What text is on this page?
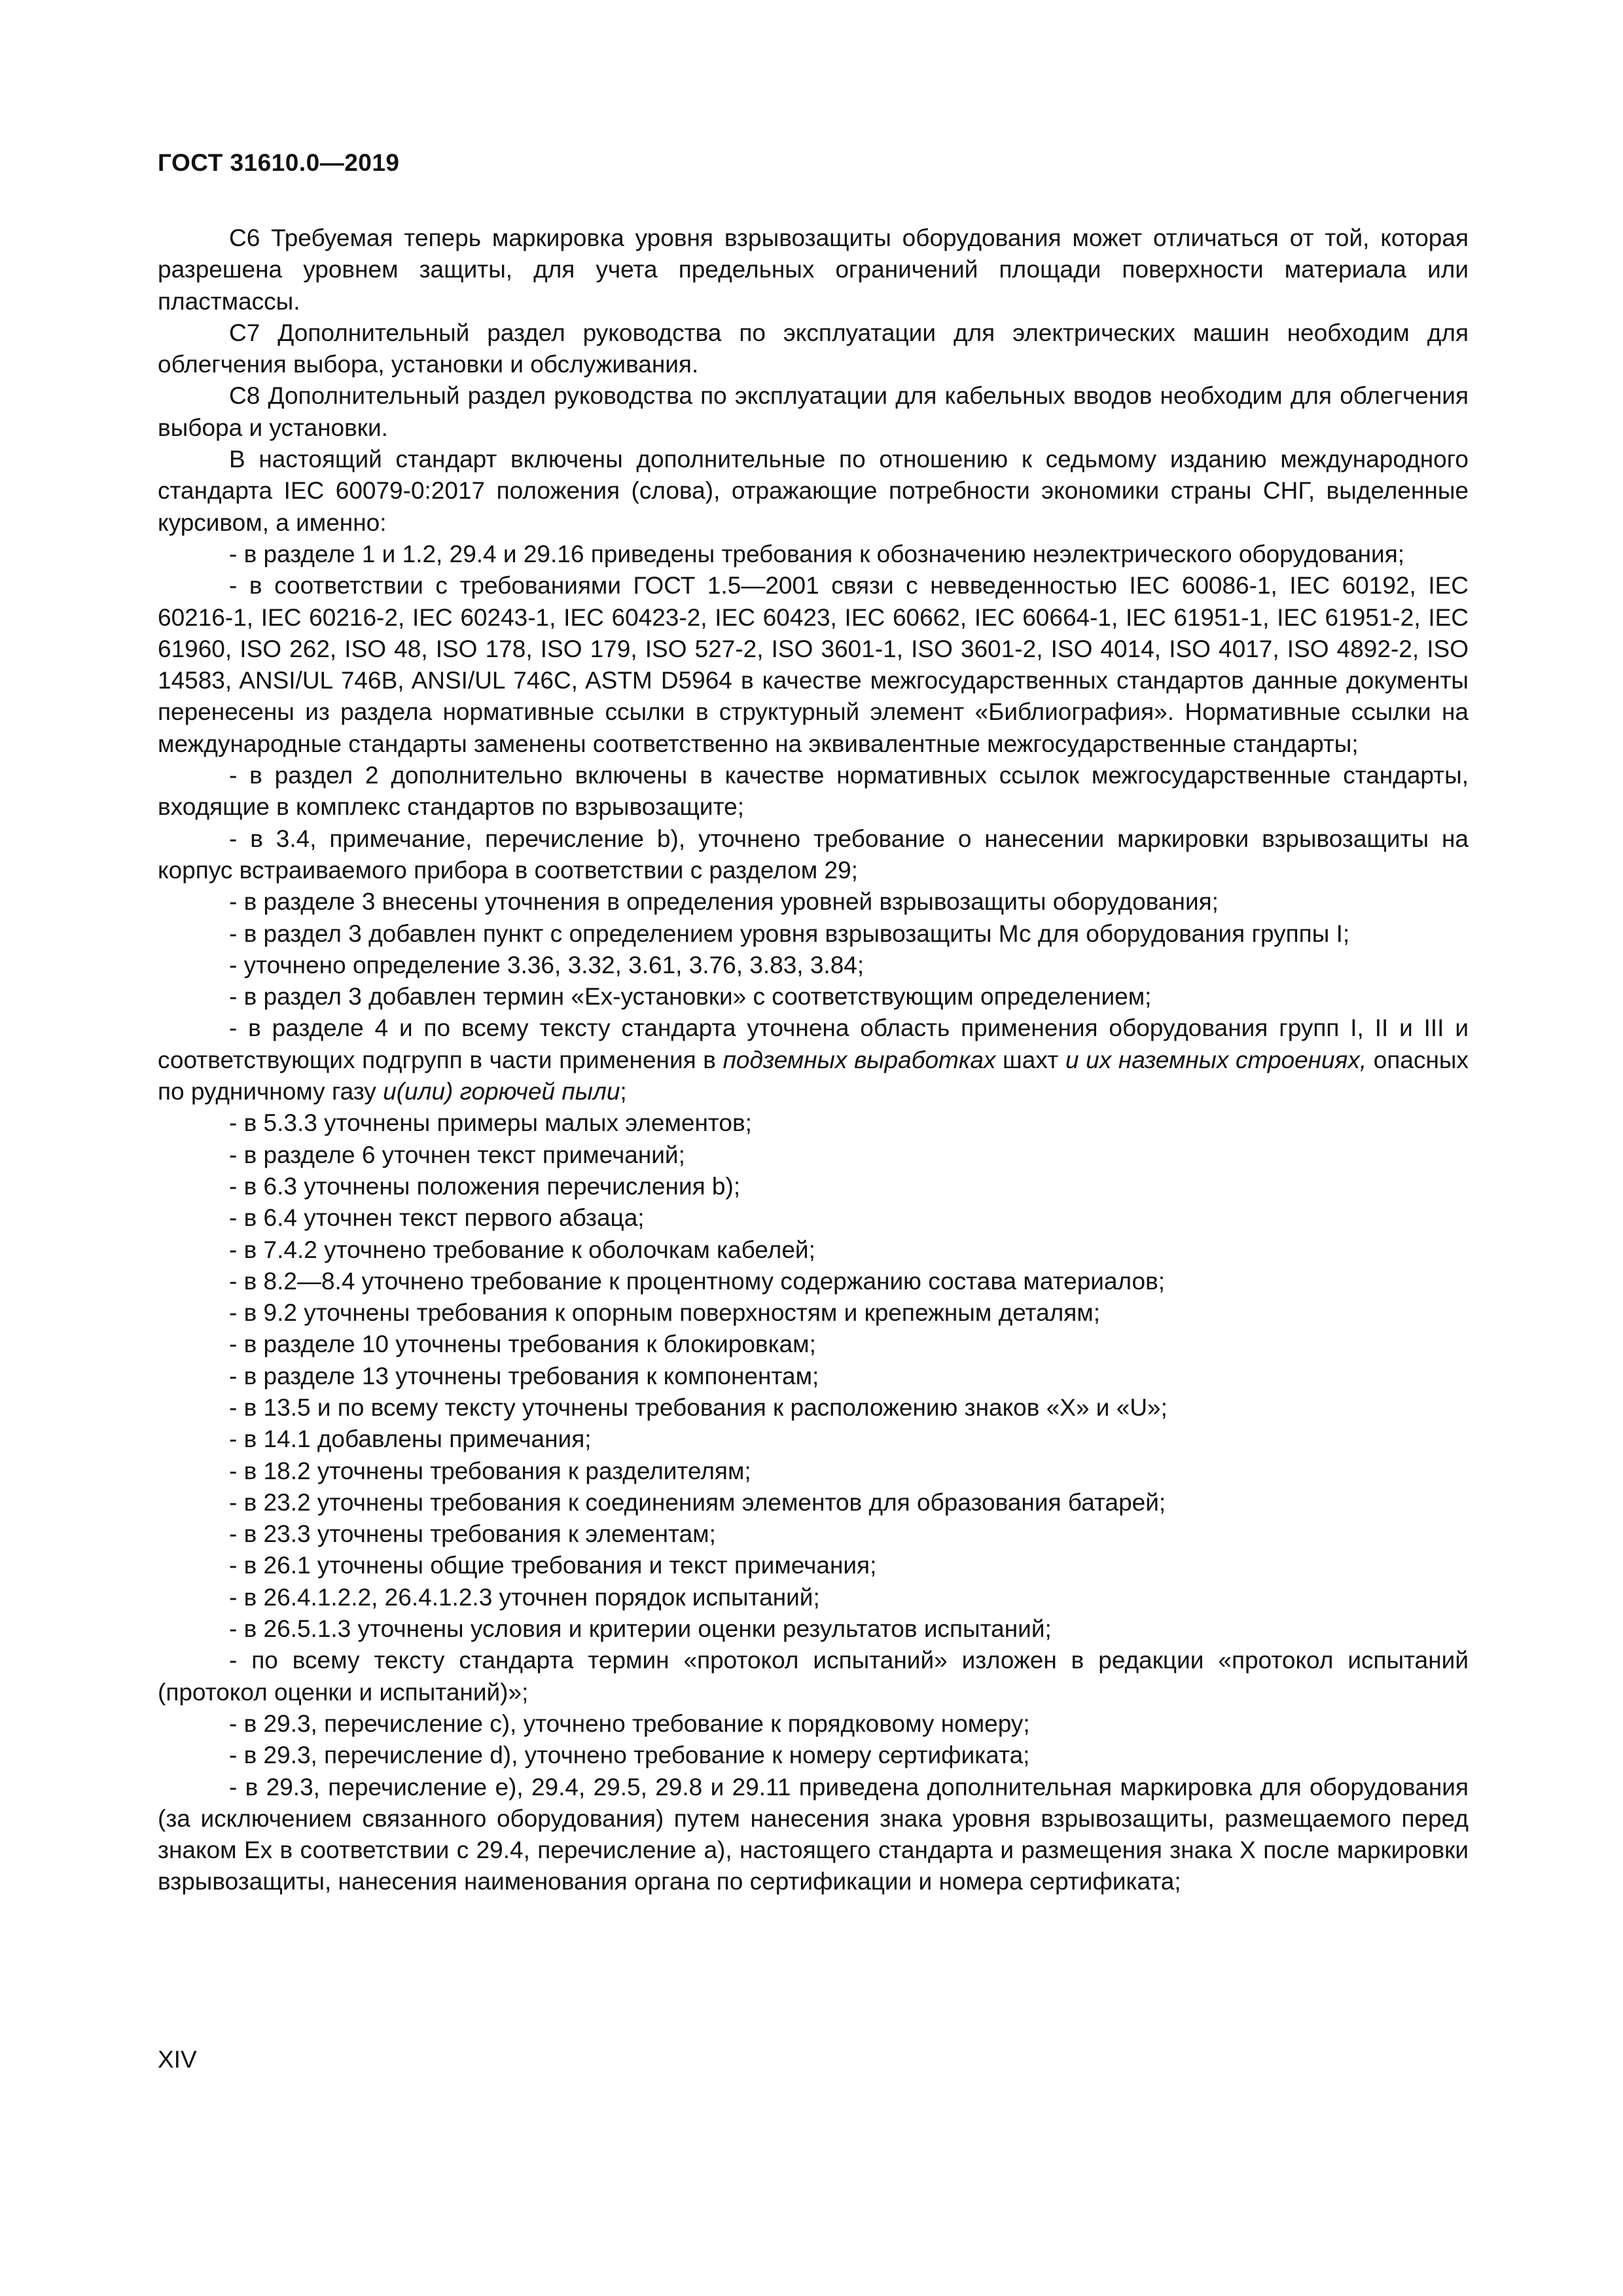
ГОСТ 31610.0—2019

С6 Требуемая теперь маркировка уровня взрывозащиты оборудования может отличаться от той, которая разрешена уровнем защиты, для учета предельных ограничений площади поверхности материала или пластмассы.

С7 Дополнительный раздел руководства по эксплуатации для электрических машин необходим для облегчения выбора, установки и обслуживания.

С8 Дополнительный раздел руководства по эксплуатации для кабельных вводов необходим для облегчения выбора и установки.

В настоящий стандарт включены дополнительные по отношению к седьмому изданию международного стандарта IEC 60079-0:2017 положения (слова), отражающие потребности экономики страны СНГ, выделенные курсивом, а именно:

- в разделе 1 и 1.2, 29.4 и 29.16 приведены требования к обозначению неэлектрического оборудования;

- в соответствии с требованиями ГОСТ 1.5—2001 связи с невведенностью IEC 60086-1, IEC 60192, IEC 60216-1, IEC 60216-2, IEC 60243-1, IEC 60423-2, IEC 60423, IEC 60662, IEC 60664-1, IEC 61951-1, IEC 61951-2, IEC 61960, ISO 262, ISO 48, ISO 178, ISO 179, ISO 527-2, ISO 3601-1, ISO 3601-2, ISO 4014, ISO 4017, ISO 4892-2, ISO 14583, ANSI/UL 746B, ANSI/UL 746C, ASTM D5964 в качестве межгосударственных стандартов данные документы перенесены из раздела нормативные ссылки в структурный элемент «Библиография». Нормативные ссылки на международные стандарты заменены соответственно на эквивалентные межгосударственные стандарты;

- в раздел 2 дополнительно включены в качестве нормативных ссылок межгосударственные стандарты, входящие в комплекс стандартов по взрывозащите;

- в 3.4, примечание, перечисление b), уточнено требование о нанесении маркировки взрывозащиты на корпус встраиваемого прибора в соответствии с разделом 29;

- в разделе 3 внесены уточнения в определения уровней взрывозащиты оборудования;

- в раздел 3 добавлен пункт с определением уровня взрывозащиты Мс для оборудования группы I;

- уточнено определение 3.36, 3.32, 3.61, 3.76, 3.83, 3.84;

- в раздел 3 добавлен термин «Ех-установки» с соответствующим определением;

- в разделе 4 и по всему тексту стандарта уточнена область применения оборудования групп I, II и III и соответствующих подгрупп в части применения в подземных выработках шахт и их наземных строениях, опасных по рудничному газу и(или) горючей пыли;

- в 5.3.3 уточнены примеры малых элементов;

- в разделе 6 уточнен текст примечаний;

- в 6.3 уточнены положения перечисления b);

- в 6.4 уточнен текст первого абзаца;

- в 7.4.2 уточнено требование к оболочкам кабелей;

- в 8.2—8.4 уточнено требование к процентному содержанию состава материалов;

- в 9.2 уточнены требования к опорным поверхностям и крепежным деталям;

- в разделе 10 уточнены требования к блокировкам;

- в разделе 13 уточнены требования к компонентам;

- в 13.5 и по всему тексту уточнены требования к расположению знаков «X» и «U»;

- в 14.1 добавлены примечания;

- в 18.2 уточнены требования к разделителям;

- в 23.2 уточнены требования к соединениям элементов для образования батарей;

- в 23.3 уточнены требования к элементам;

- в 26.1 уточнены общие требования и текст примечания;

- в 26.4.1.2.2, 26.4.1.2.3 уточнен порядок испытаний;

- в 26.5.1.3 уточнены условия и критерии оценки результатов испытаний;

- по всему тексту стандарта термин «протокол испытаний» изложен в редакции «протокол испытаний (протокол оценки и испытаний)»;

- в 29.3, перечисление с), уточнено требование к порядковому номеру;

- в 29.3, перечисление d), уточнено требование к номеру сертификата;

- в 29.3, перечисление е), 29.4, 29.5, 29.8 и 29.11 приведена дополнительная маркировка для оборудования (за исключением связанного оборудования) путем нанесения знака уровня взрывозащиты, размещаемого перед знаком Ех в соответствии с 29.4, перечисление а), настоящего стандарта и размещения знака X после маркировки взрывозащиты, нанесения наименования органа по сертификации и номера сертификата;

XIV
